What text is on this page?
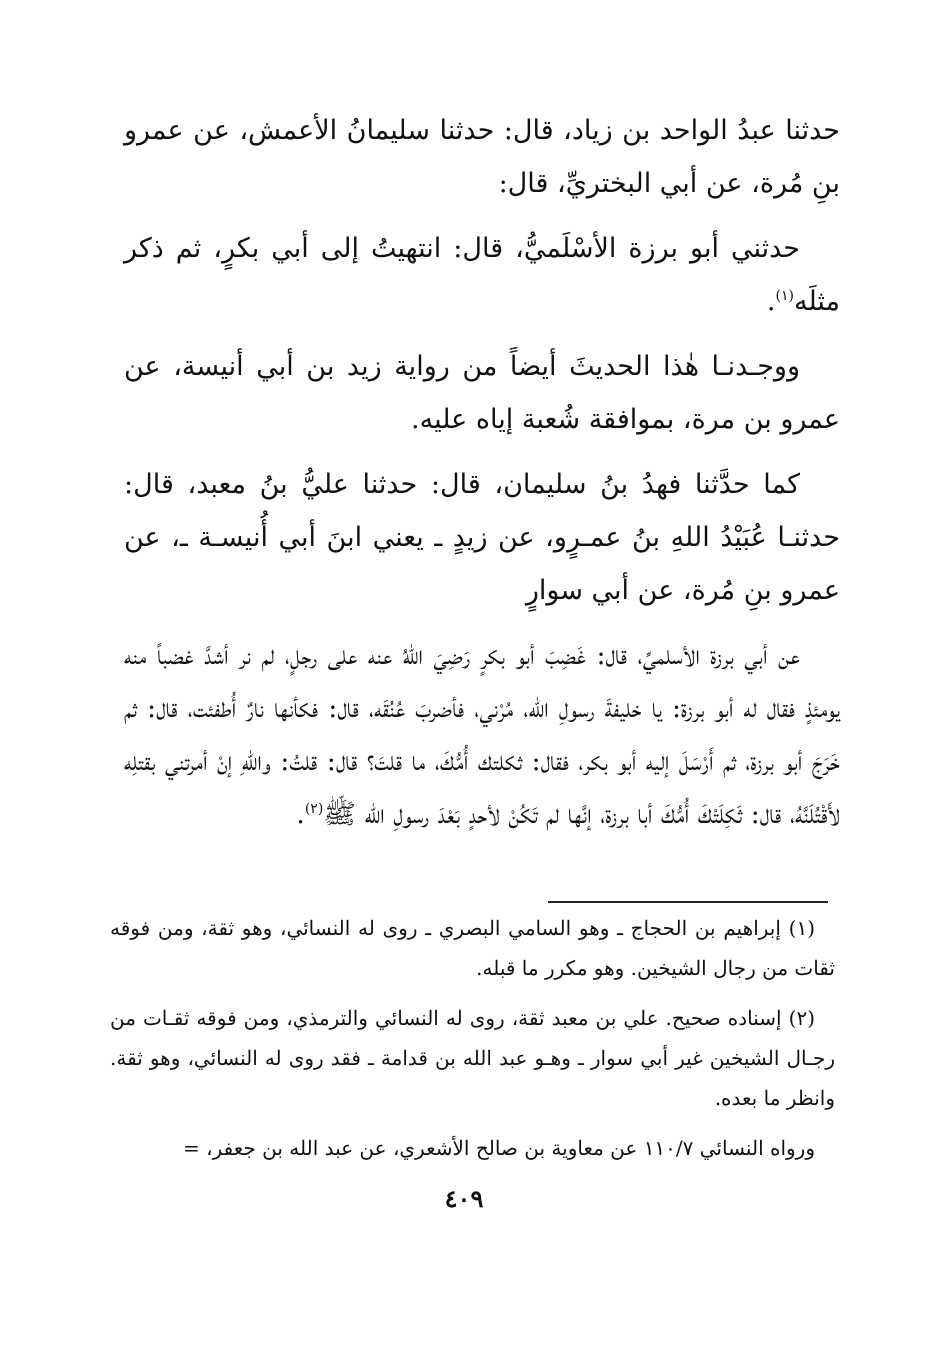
حدثنا عبدُ الواحد بن زياد، قال: حدثنا سليمانُ الأعمش، عن عمرو بنِ مُرة، عن أبي البختريِّ، قال:

حدثني أبو برزة الأسْلَميُّ، قال: انتهيتُ إلى أبي بكرٍ، ثم ذكر مثلَه$^{(١)}$.

ووجـدنـا هٰذا الحديثَ أيضاً من رواية زيد بن أبي أنيسة، عن عمرو بن مرة، بموافقة شُعبة إياه عليه.

كما حدَّثنا فهدُ بنُ سليمان، قال: حدثنا عليُّ بنُ معبد، قال: حدثنـا عُبَيْدُ اللهِ بنُ عمـرٍو، عن زيدٍ ـ يعني ابنَ أبي أُنيسـة ـ، عن عمرو بنِ مُرة، عن أبي سوارٍ

عن أبي برزة الأسلميِّ، قال: غَضِبَ أبو بكرٍ رَضِيَ اللهُ عنه على رجلٍ، لم نر أشدَّ غضباً منه يومئذٍ فقال له أبو برزة: يا خليفةَ رسولِ الله، مُرْني، فأضربَ عُنُقَه، قال: فكأنها نارٌ أُطفئت، قال: ثم خَرَجَ أبو برزة، ثم أَرْسَلَ إليه أبو بكر، فقال: ثكلتك أُمُّكَ، ما قلتَ؟ قال: قلتُ: واللهِ إنْ أمرتني بقتلِه لأَقْتُلَنَّهُ، قال: ثَكِلَتْكَ أُمُّكَ أبا برزة، إنَّها لم تَكُنْ لأحدٍ بَعْدَ رسولِ الله ﷺ$^{(٢)}$.

(١) إبراهيم بن الحجاج ـ وهو السامي البصري ـ روى له النسائي، وهو ثقة، ومن فوقه ثقات من رجال الشيخين. وهو مكرر ما قبله.

(٢) إسناده صحيح. علي بن معبد ثقة، روى له النسائي والترمذي، ومن فوقه ثقـات من رجـال الشيخين غير أبي سوار ـ وهـو عبد الله بن قدامة ـ فقد روى له النسائي، وهو ثقة. وانظر ما بعده.

ورواه النسائي ١١٠/٧ عن معاوية بن صالح الأشعري، عن عبد الله بن جعفر، =

٤٠٩
